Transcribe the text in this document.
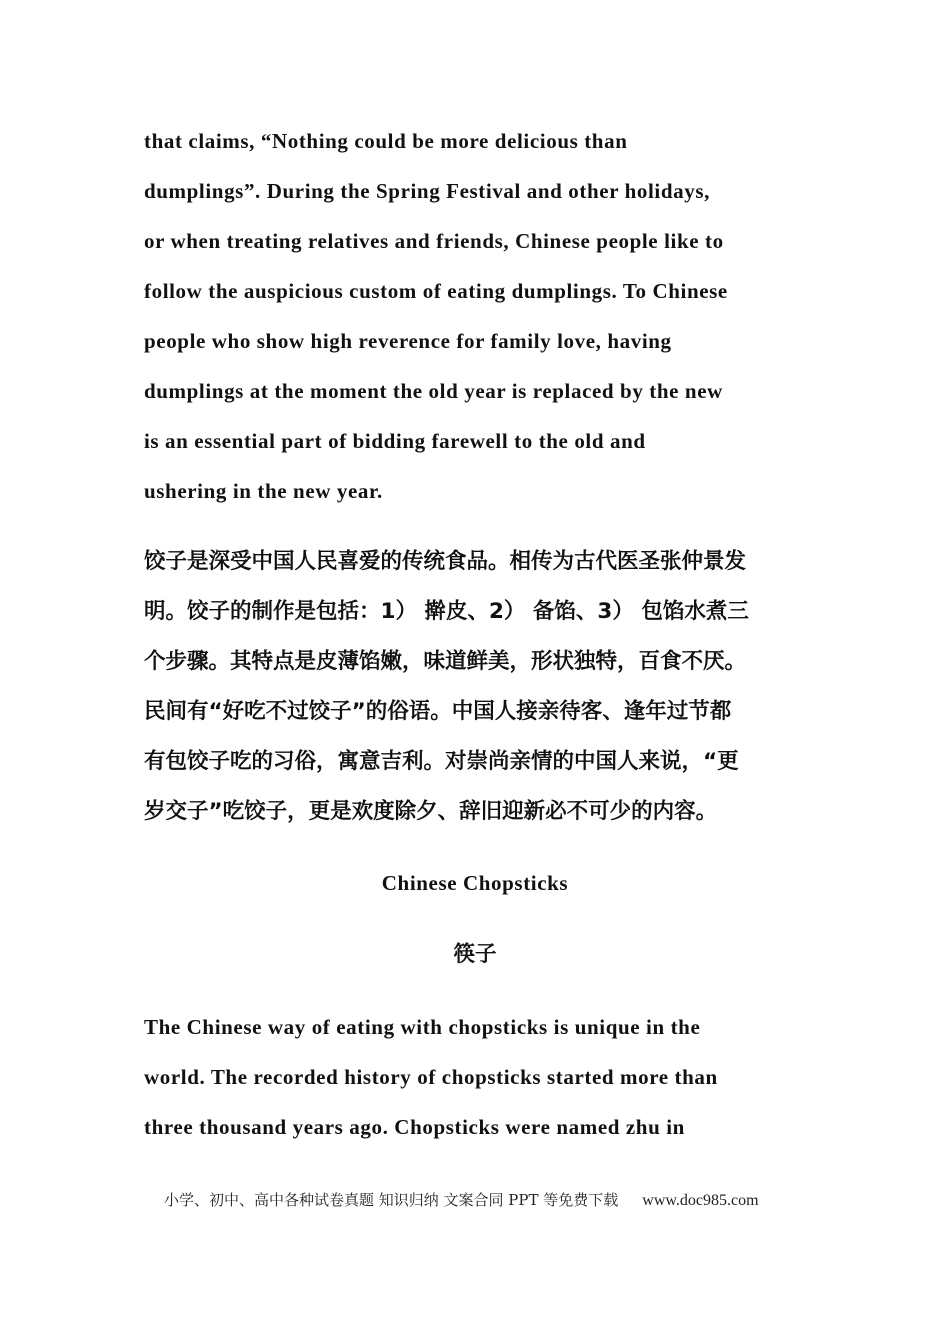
that claims, “Nothing could be more delicious than
dumplings”. During the Spring Festival and other holidays,
or when treating relatives and friends, Chinese people like to
follow the auspicious custom of eating dumplings. To Chinese
people who show high reverence for family love, having
dumplings at the moment the old year is replaced by the new
is an essential part of bidding farewell to the old and
ushering in the new year.
饺子是深受中国人民喜爱的传统食品。相传为古代医圣张仲景发
明。饺子的制作是包括：1） 擀皮、2） 备馅、3） 包馅水煮三
个步骤。其特点是皮薄馅嫩，味道鲜美，形状独特，百食不厌。
民间有“好吃不过饺子”的俗语。中国人接亲待客、逢年过节都
有包饺子吃的习俗，寓意吉利。对崇尚亲情的中国人来说，“更
岁交子”吃饺子，更是欢度除夕、辞旧迎新必不可少的内容。
Chinese Chopsticks
筷子
The Chinese way of eating with chopsticks is unique in the
world. The recorded history of chopsticks started more than
three thousand years ago. Chopsticks were named zhu in
小学、初中、高中各种试卷真题 知识归纳 文案合同 PPT 等免费下载 www.doc985.com
